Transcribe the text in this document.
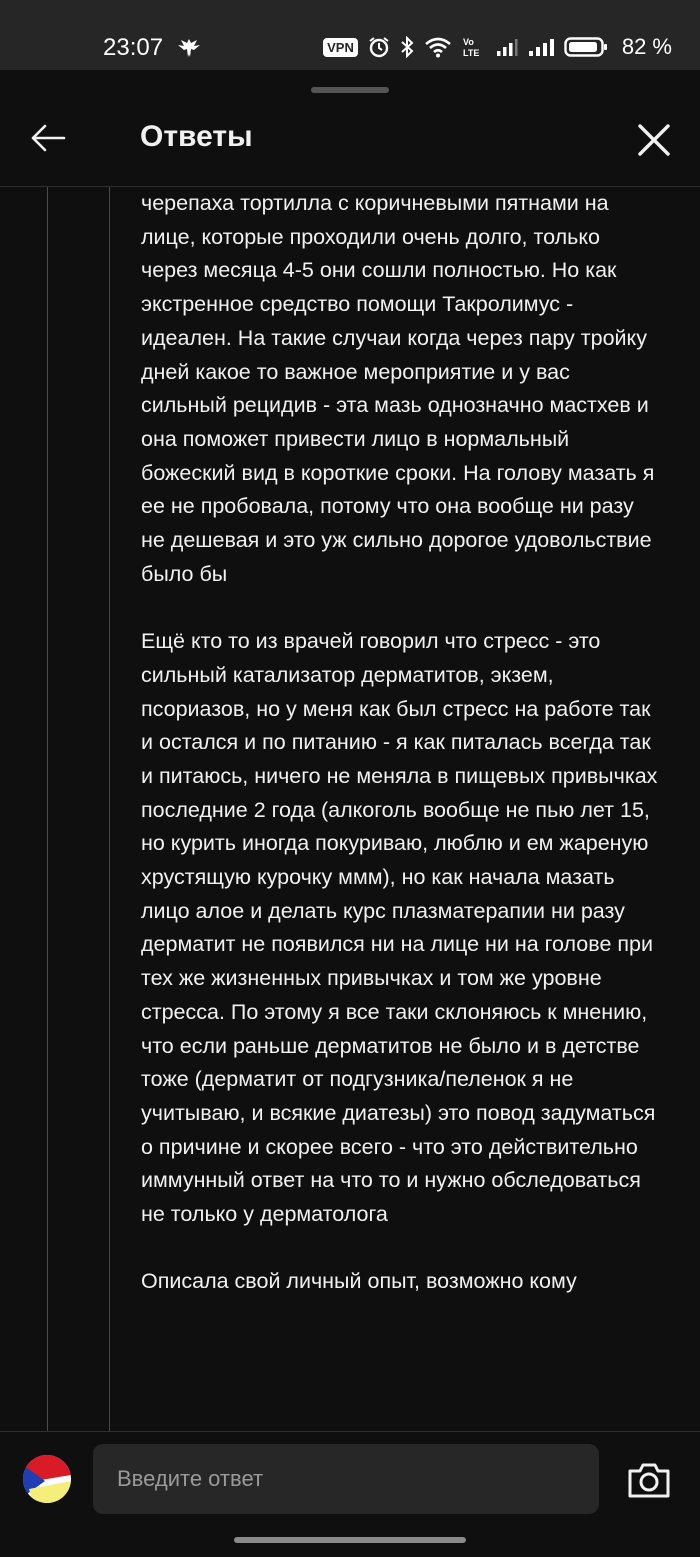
23:07	VPN	Vo
LTE	82 %
Ответы

черепаха тортилла с коричневыми пятнами на лице, которые проходили очень долго, только через месяца 4-5 они сошли полностью. Но как экстренное средство помощи Такролимус - идеален. На такие случаи когда через пару тройку дней какое то важное мероприятие и у вас сильный рецидив - эта мазь однозначно мастхев и она поможет привести лицо в нормальный божеский вид в короткие сроки. На голову мазать я ее не пробовала, потому что она вообще ни разу не дешевая и это уж сильно дорогое удовольствие было бы

Ещё кто то из врачей говорил что стресс - это сильный катализатор дерматитов, экзем, псориазов, но у меня как был стресс на работе так и остался и по питанию - я как питалась всегда так и питаюсь, ничего не меняла в пищевых привычках последние 2 года (алкоголь вообще не пью лет 15, но курить иногда покуриваю, люблю и ем жареную хрустящую курочку ммм), но как начала мазать лицо алое и делать курс плазматерапии ни разу дерматит не появился ни на лице ни на голове при тех же жизненных привычках и том же уровне стресса. По этому я все таки склоняюсь к мнению, что если раньше дерматитов не было и в детстве тоже (дерматит от подгузника/пеленок я не учитываю, и всякие диатезы) это повод задуматься о причине и скорее всего - что это действительно иммунный ответ на что то и нужно обследоваться не только у дерматолога

Описала свой личный опыт, возможно кому

Введите ответ
